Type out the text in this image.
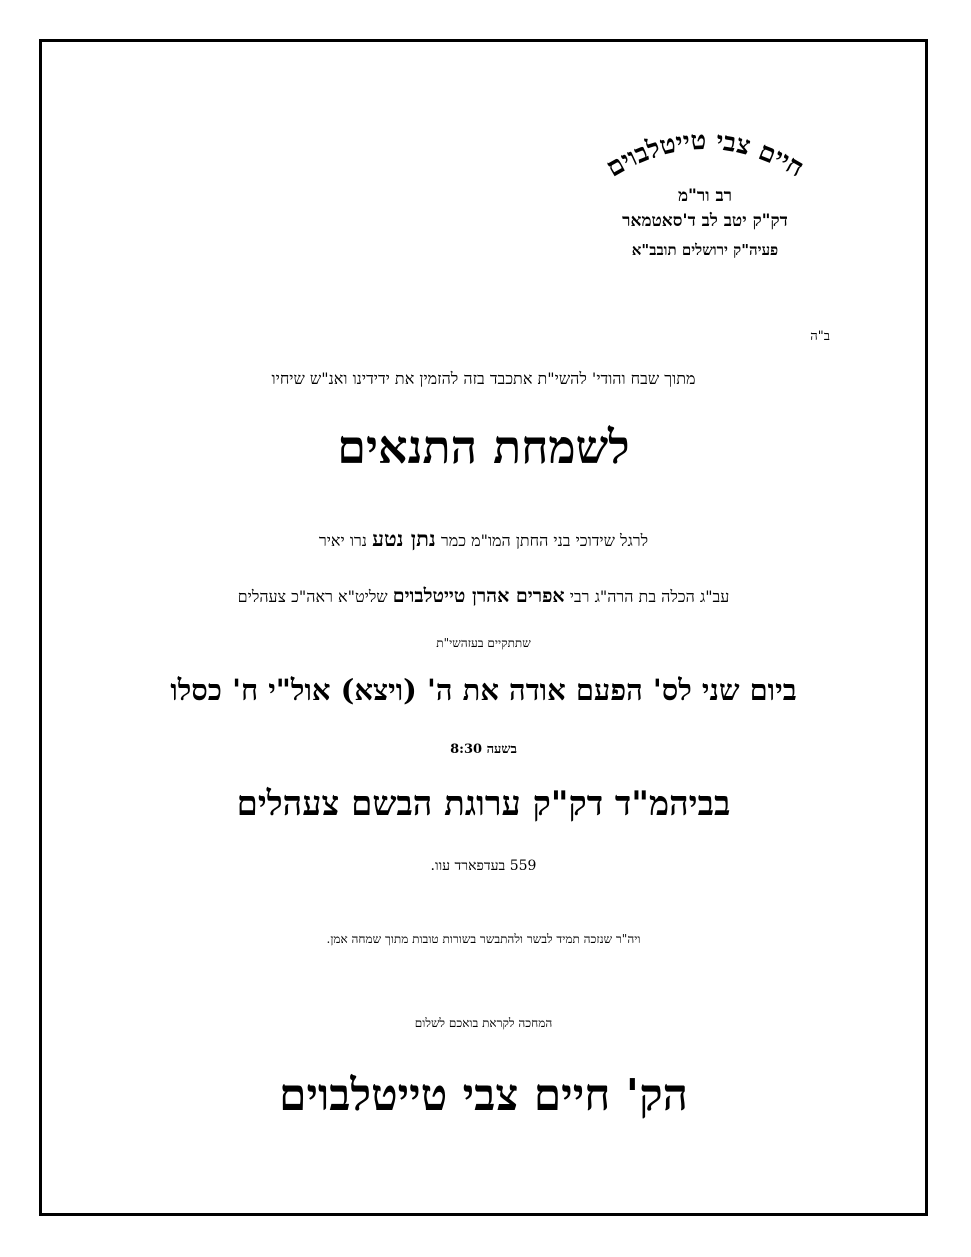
חיים צבי טייטלבוים
רב ור"מ
דק"ק יטב לב ד'סאטמאר
פעיה"ק ירושלים תובב"א
ב"ה
מתוך שבח והודי' להשי"ת אתכבד בזה להזמין את ידידינו ואנ"ש שיחיו
לשמחת התנאים
לרגל שידוכי בני החתן המו"מ כמר נתן נטע נרו יאיר
עב"ג הכלה בת הרה"ג רבי אפרים אהרן טייטלבוים שליט"א ראה"כ צעהלים
שתתקיים בעזהשי"ת
ביום שני לס' הפעם אודה את ה' (ויצא) אול"י ח' כסלו
בשעה 8:30
בביהמ"ד דק"ק ערוגת הבשם צעהלים
559 בעדפארד עוו.
ויה"ר שנזכה תמיד לבשר ולהתבשר בשורות טובות מתוך שמחה אמן.
המחכה לקראת בואכם לשלום
הק' חיים צבי טייטלבוים
